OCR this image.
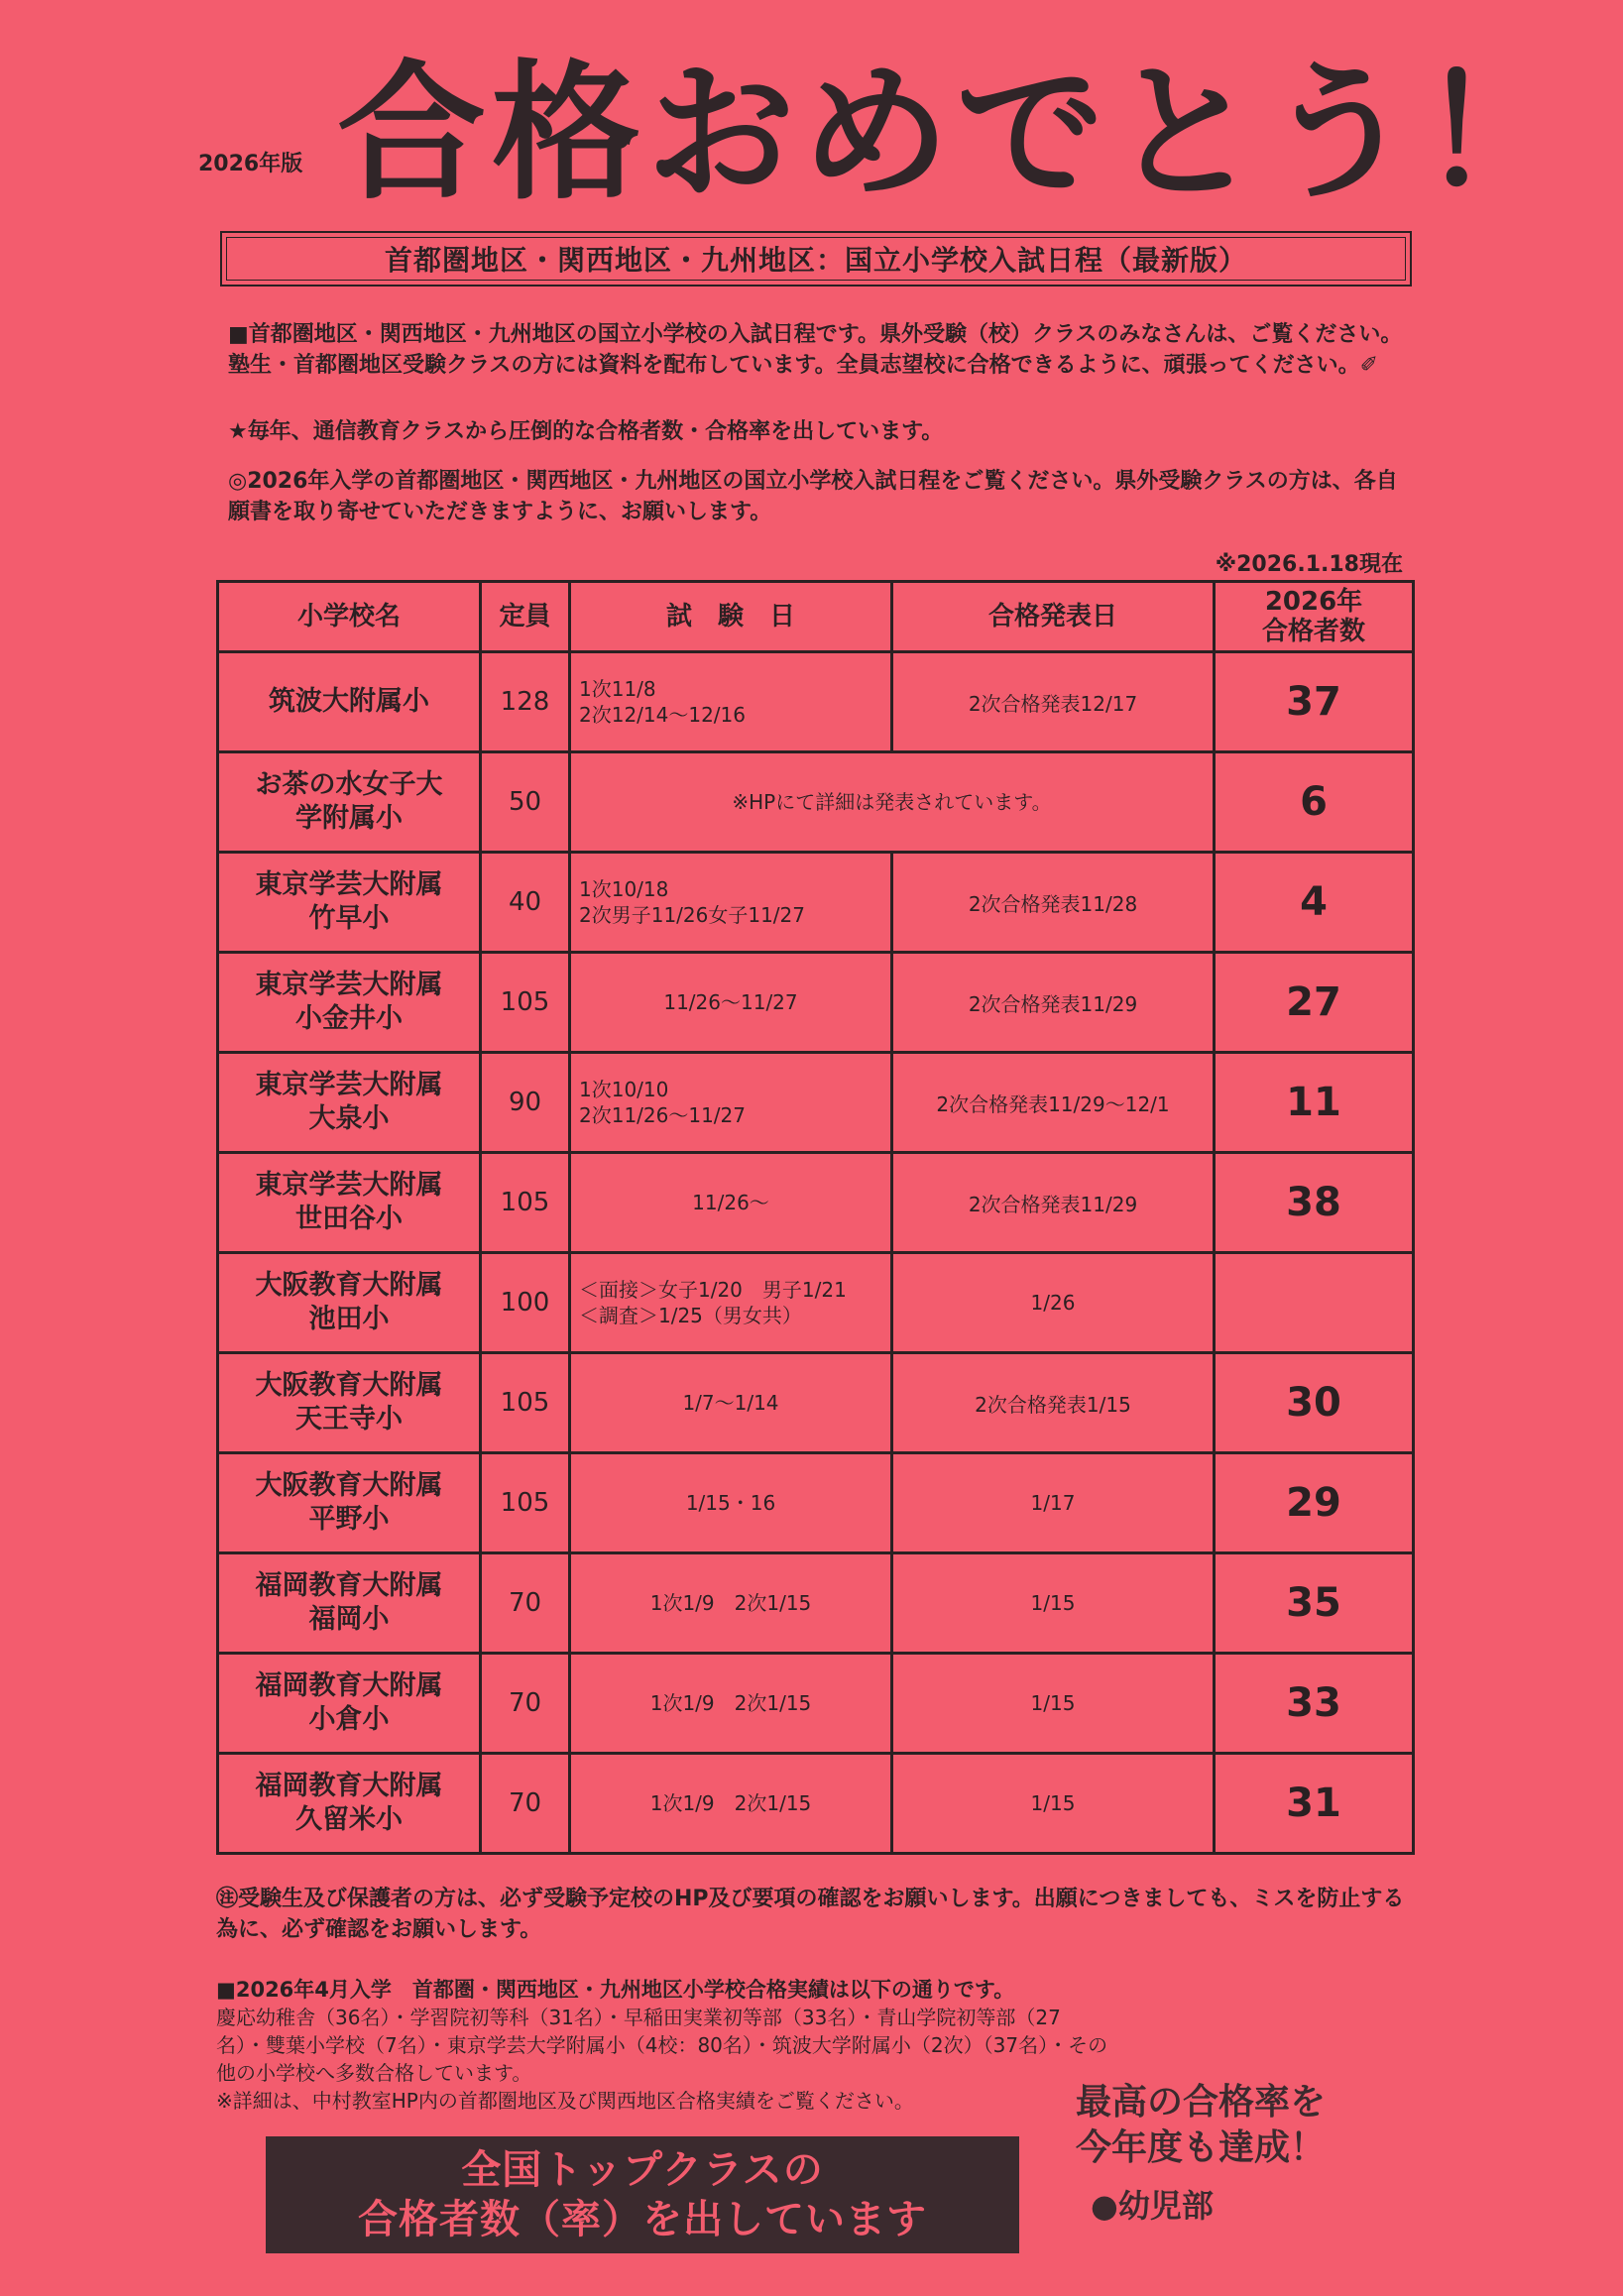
2026年版 合格おめでとう！
首都圏地区・関西地区・九州地区：国立小学校入試日程（最新版）
■首都圏地区・関西地区・九州地区の国立小学校の入試日程です。県外受験（校）クラスのみなさんは、ご覧ください。塾生・首都圏地区受験クラスの方には資料を配布しています。全員志望校に合格できるように、頑張ってください。✐
★毎年、通信教育クラスから圧倒的な合格者数・合格率を出しています。
◎2026年入学の首都圏地区・関西地区・九州地区の国立小学校入試日程をご覧ください。県外受験クラスの方は、各自願書を取り寄せていただきますように、お願いします。
※2026.1.18現在
小学校名	定員	試　験　日	合格発表日	2026年
合格者数
筑波大附属小	128	1次11/8
2次12/14～12/16	2次合格発表12/17	37
お茶の水女子大
学附属小	50	※HPにて詳細は発表されています。		6
東京学芸大附属
竹早小	40	1次10/18
2次男子11/26女子11/27	2次合格発表11/28	4
東京学芸大附属
小金井小	105	11/26～11/27	2次合格発表11/29	27
東京学芸大附属
大泉小	90	1次10/10
2次11/26～11/27	2次合格発表11/29～12/1	11
東京学芸大附属
世田谷小	105	11/26～	2次合格発表11/29	38
大阪教育大附属
池田小	100	＜面接＞女子1/20　男子1/21
＜調査＞1/25（男女共）	1/26	
大阪教育大附属
天王寺小	105	1/7～1/14	2次合格発表1/15	30
大阪教育大附属
平野小	105	1/15・16	1/17	29
福岡教育大附属
福岡小	70	1次1/9　2次1/15	1/15	35
福岡教育大附属
小倉小	70	1次1/9　2次1/15	1/15	33
福岡教育大附属
久留米小	70	1次1/9　2次1/15	1/15	31
㊟受験生及び保護者の方は、必ず受験予定校のHP及び要項の確認をお願いします。出願につきましても、ミスを防止する為に、必ず確認をお願いします。
■2026年4月入学　首都圏・関西地区・九州地区小学校合格実績は以下の通りです。
慶応幼稚舎（36名）・学習院初等科（31名）・早稲田実業初等部（33名）・青山学院初等部（27
名）・雙葉小学校（7名）・東京学芸大学附属小（4校：80名）・筑波大学附属小（2次）（37名）・その
他の小学校へ多数合格しています。
※詳細は、中村教室HP内の首都圏地区及び関西地区合格実績をご覧ください。
全国トップクラスの
合格者数（率）を出しています
最高の合格率を
今年度も達成！
●幼児部
